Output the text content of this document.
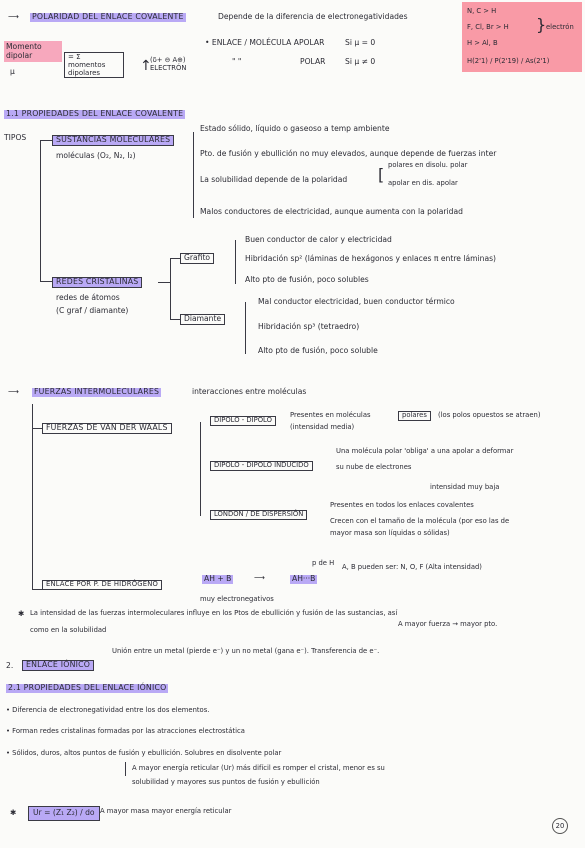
⟶ POLARIDAD DEL ENLACE COVALENTE	Depende de la diferencia de electronegatividades
N, C > H
F, Cl, Br > H
H > Al, B
} electrón
H(2'1) / P(2'19) / As(2'1)
Momento dipolar
μ
= Σ momentos dipolares	↑
(δ+ ⊖ A⊕) ELECTRÓN
• ENLACE / MOLÉCULA APOLAR	Si μ = 0
" "	POLAR	Si μ ≠ 0
1.1 PROPIEDADES DEL ENLACE COVALENTE
TIPOS	SUSTANCIAS MOLECULARES
moléculas (O₂, N₂, I₂)
Estado sólido, líquido o gaseoso a temp ambiente
Pto. de fusión y ebullición no muy elevados, aunque depende de fuerzas inter
La solubilidad depende de la polaridad [ polares en disolu. polar
apolar en dis. apolar
Malos conductores de electricidad, aunque aumenta con la polaridad
REDES CRISTALINAS
redes de átomos
(C graf / diamante)
Grafito
Buen conductor de calor y electricidad
Hibridación sp² (láminas de hexágonos y enlaces π entre láminas)
Alto pto de fusión, poco solubles
Diamante
Mal conductor electricidad, buen conductor térmico
Hibridación sp³ (tetraedro)
Alto pto de fusión, poco soluble
⟶ FUERZAS INTERMOLECULARES	interacciones entre moléculas
FUERZAS DE VAN DER WAALS
DIPOLO - DIPOLO
Presentes en moléculas	polares	(los polos opuestos se atraen)
(intensidad media)
DIPOLO - DIPOLO INDUCIDO
Una molécula polar 'obliga' a una apolar a deformar
su nube de electrones
intensidad muy baja
LONDON / DE DISPERSIÓN
Presentes en todos los enlaces covalentes
Crecen con el tamaño de la molécula (por eso las de
mayor masa son líquidas o sólidas)
ENLACE POR P. DE HIDRÓGENO
AH + B	⟶	AH···B
p de H A, B pueden ser: N, O, F (Alta intensidad)
muy electronegativos
✱ La intensidad de las fuerzas intermoleculares influye en los Ptos de ebullición y fusión de las sustancias, así
como en la solubilidad
A mayor fuerza → mayor pto.
2.	ENLACE IÓNICO
Unión entre un metal (pierde e⁻) y un no metal (gana e⁻). Transferencia de e⁻.
2.1 PROPIEDADES DEL ENLACE IÓNICO
• Diferencia de electronegatividad entre los dos elementos.
• Forman redes cristalinas formadas por las atracciones electrostática
• Sólidos, duros, altos puntos de fusión y ebullición. Solubres en disolvente polar
A mayor energía reticular (Ur) más difícil es romper el cristal, menor es su
solubilidad y mayores sus puntos de fusión y ebullición
✱	Ur = (Z₁ Z₂) / do A mayor masa mayor energía reticular
20
